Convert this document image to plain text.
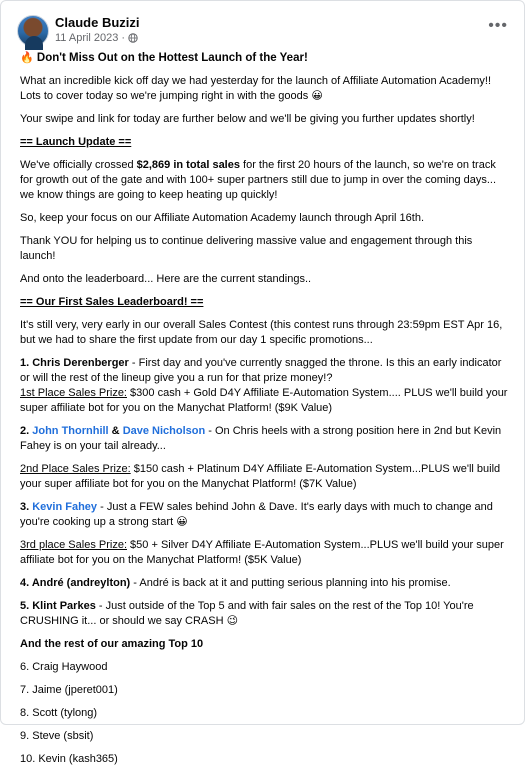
Claude Buzizi
11 April 2023 ·
•••

🔥 Don't Miss Out on the Hottest Launch of the Year!

What an incredible kick off day we had yesterday for the launch of Affiliate Automation Academy!! Lots to cover today so we're jumping right in with the goods 😀

Your swipe and link for today are further below and we'll be giving you further updates shortly!

== Launch Update ==

We've officially crossed $2,869 in total sales for the first 20 hours of the launch, so we're on track for growth out of the gate and with 100+ super partners still due to jump in over the coming days... we know things are going to keep heating up quickly!

So, keep your focus on our Affiliate Automation Academy launch through April 16th.

Thank YOU for helping us to continue delivering massive value and engagement through this launch!

And onto the leaderboard... Here are the current standings..

== Our First Sales Leaderboard! ==

It's still very, very early in our overall Sales Contest (this contest runs through 23:59pm EST Apr 16, but we had to share the first update from our day 1 specific promotions...

1. Chris Derenberger - First day and you've currently snagged the throne. Is this an early indicator or will the rest of the lineup give you a run for that prize money!?

1st Place Sales Prize: $300 cash + Gold D4Y Affiliate E-Automation System.... PLUS we'll build your super affiliate bot for you on the Manychat Platform! ($9K Value)

2. John Thornhill & Dave Nicholson - On Chris heels with a strong position here in 2nd but Kevin Fahey is on your tail already...

2nd Place Sales Prize: $150 cash + Platinum D4Y Affiliate E-Automation System...PLUS we'll build your super affiliate bot for you on the Manychat Platform! ($7K Value)

3. Kevin Fahey - Just a FEW sales behind John & Dave. It's early days with much to change and you're cooking up a strong start 😀

3rd place Sales Prize: $50 + Silver D4Y Affiliate E-Automation System...PLUS we'll build your super affiliate bot for you on the Manychat Platform! ($5K Value)

4. André (andreylton) - André is back at it and putting serious planning into his promise.

5. Klint Parkes - Just outside of the Top 5 and with fair sales on the rest of the Top 10! You're CRUSHING it... or should we say CRASH 😉

And the rest of our amazing Top 10

6. Craig Haywood

7. Jaime (jperet001)

8. Scott (tylong)

9. Steve (sbsit)

10. Kevin (kash365)
